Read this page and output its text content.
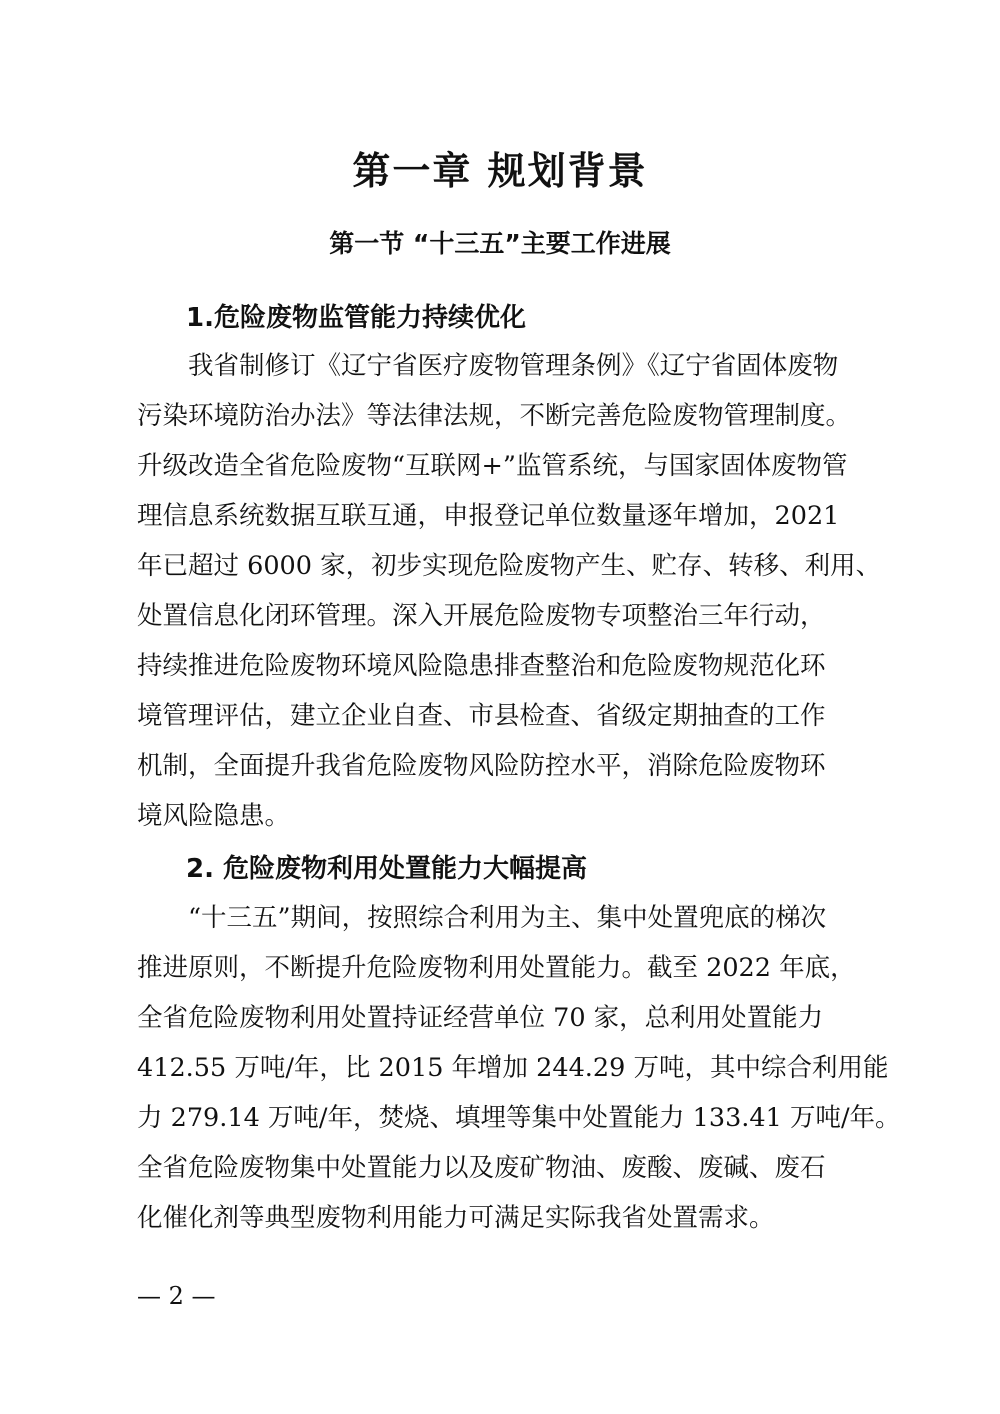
第一章 规划背景
第一节 “十三五”主要工作进展
1.危险废物监管能力持续优化
　　我省制修订《辽宁省医疗废物管理条例》《辽宁省固体废物
污染环境防治办法》等法律法规，不断完善危险废物管理制度。
升级改造全省危险废物“互联网+”监管系统，与国家固体废物管
理信息系统数据互联互通，申报登记单位数量逐年增加，2021
年已超过 6000 家，初步实现危险废物产生、贮存、转移、利用、
处置信息化闭环管理。深入开展危险废物专项整治三年行动，
持续推进危险废物环境风险隐患排查整治和危险废物规范化环
境管理评估，建立企业自查、市县检查、省级定期抽查的工作
机制，全面提升我省危险废物风险防控水平，消除危险废物环
境风险隐患。
2. 危险废物利用处置能力大幅提高
　　“十三五”期间，按照综合利用为主、集中处置兜底的梯次
推进原则，不断提升危险废物利用处置能力。截至 2022 年底，
全省危险废物利用处置持证经营单位 70 家，总利用处置能力
412.55 万吨/年，比 2015 年增加 244.29 万吨，其中综合利用能
力 279.14 万吨/年，焚烧、填埋等集中处置能力 133.41 万吨/年。
全省危险废物集中处置能力以及废矿物油、废酸、废碱、废石
化催化剂等典型废物利用能力可满足实际我省处置需求。
— 2 —
